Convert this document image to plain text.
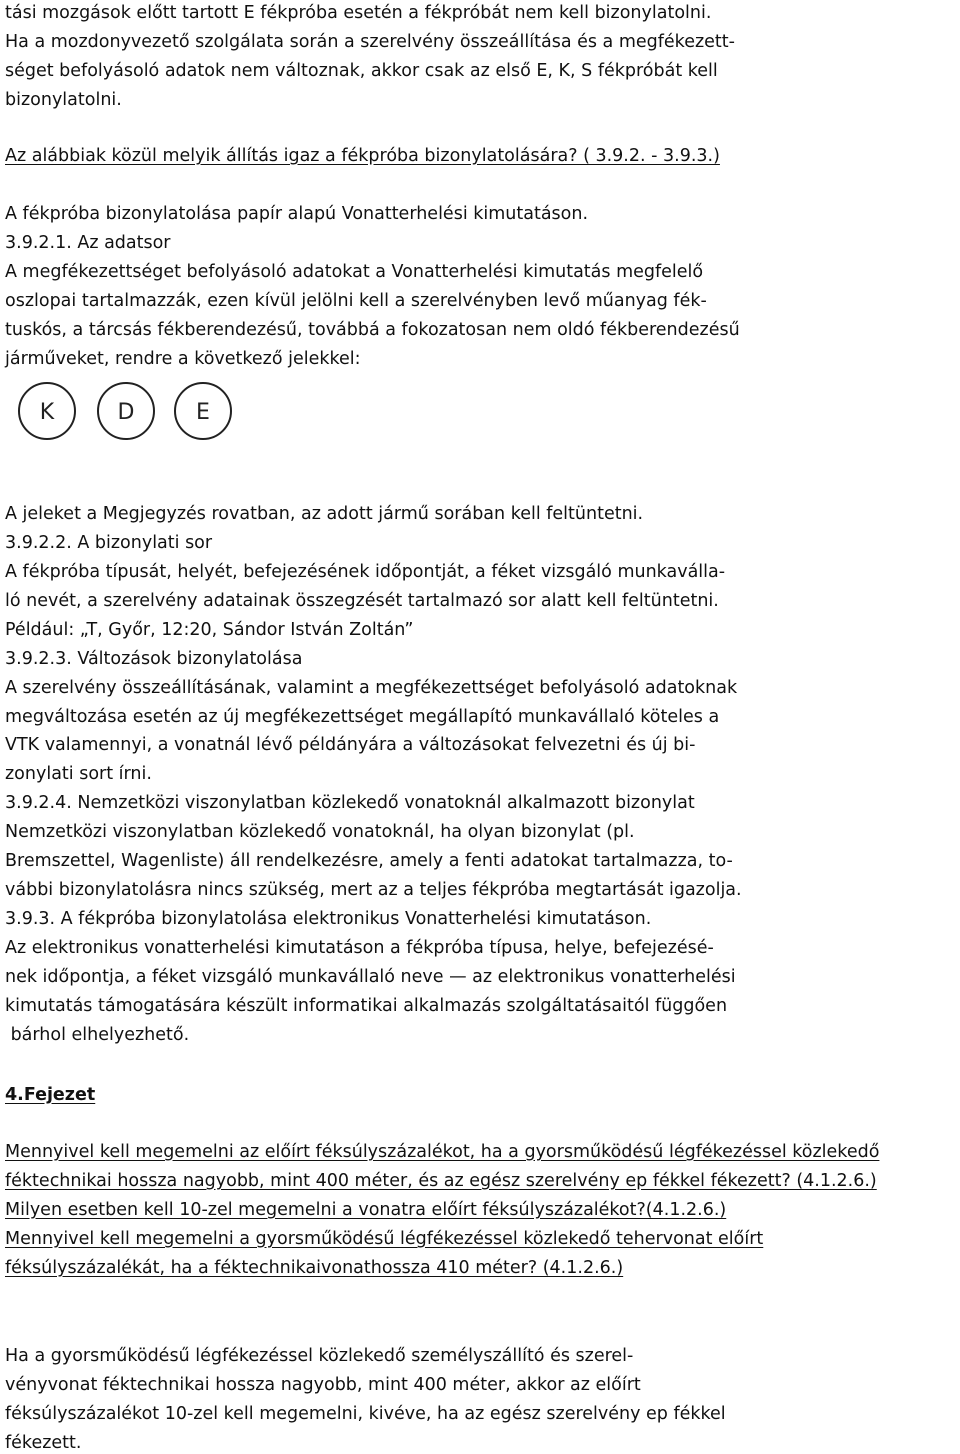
tási mozgások előtt tartott E fékpróba esetén a fékpróbát nem kell bizonylatolni.
Ha a mozdonyvezető szolgálata során a szerelvény összeállítása és a megfékezett-
séget befolyásoló adatok nem változnak, akkor csak az első E, K, S fékpróbát kell
bizonylatolni.
Az alábbiak közül melyik állítás igaz a fékpróba bizonylatolására? ( 3.9.2. - 3.9.3.)
A fékpróba bizonylatolása papír alapú Vonatterhelési kimutatáson.
3.9.2.1. Az adatsor
A megfékezettséget befolyásoló adatokat a Vonatterhelési kimutatás megfelelő
oszlopai tartalmazzák, ezen kívül jelölni kell a szerelvényben levő műanyag fék-
tuskós, a tárcsás fékberendezésű, továbbá a fokozatosan nem oldó fékberendezésű
járműveket, rendre a következő jelekkel:
K	D	E
A jeleket a Megjegyzés rovatban, az adott jármű sorában kell feltüntetni.
3.9.2.2. A bizonylati sor
A fékpróba típusát, helyét, befejezésének időpontját, a féket vizsgáló munkaválla-
ló nevét, a szerelvény adatainak összegzését tartalmazó sor alatt kell feltüntetni.
Például: „T, Győr, 12:20, Sándor István Zoltán”
3.9.2.3. Változások bizonylatolása
A szerelvény összeállításának, valamint a megfékezettséget befolyásoló adatoknak
megváltozása esetén az új megfékezettséget megállapító munkavállaló köteles a
VTK valamennyi, a vonatnál lévő példányára a változásokat felvezetni és új bi-
zonylati sort írni.
3.9.2.4. Nemzetközi viszonylatban közlekedő vonatoknál alkalmazott bizonylat
Nemzetközi viszonylatban közlekedő vonatoknál, ha olyan bizonylat (pl.
Bremszettel, Wagenliste) áll rendelkezésre, amely a fenti adatokat tartalmazza, to-
vábbi bizonylatolásra nincs szükség, mert az a teljes fékpróba megtartását igazolja.
3.9.3. A fékpróba bizonylatolása elektronikus Vonatterhelési kimutatáson.
Az elektronikus vonatterhelési kimutatáson a fékpróba típusa, helye, befejezésé-
nek időpontja, a féket vizsgáló munkavállaló neve — az elektronikus vonatterhelési
kimutatás támogatására készült informatikai alkalmazás szolgáltatásaitól függően
bárhol elhelyezhető.
4.Fejezet
Mennyivel kell megemelni az előírt féksúlyszázalékot, ha a gyorsműködésű légfékezéssel közlekedő
féktechnikai hossza nagyobb, mint 400 méter, és az egész szerelvény ep fékkel fékezett? (4.1.2.6.)
Milyen esetben kell 10-zel megemelni a vonatra előírt féksúlyszázalékot?(4.1.2.6.)
Mennyivel kell megemelni a gyorsműködésű légfékezéssel közlekedő tehervonat előírt
féksúlyszázalékát, ha a féktechnikaivonathossza 410 méter? (4.1.2.6.)
Ha a gyorsműködésű légfékezéssel közlekedő személyszállító és szerel-
vényvonat féktechnikai hossza nagyobb, mint 400 méter, akkor az előírt
féksúlyszázalékot 10-zel kell megemelni, kivéve, ha az egész szerelvény ep fékkel
fékezett.
